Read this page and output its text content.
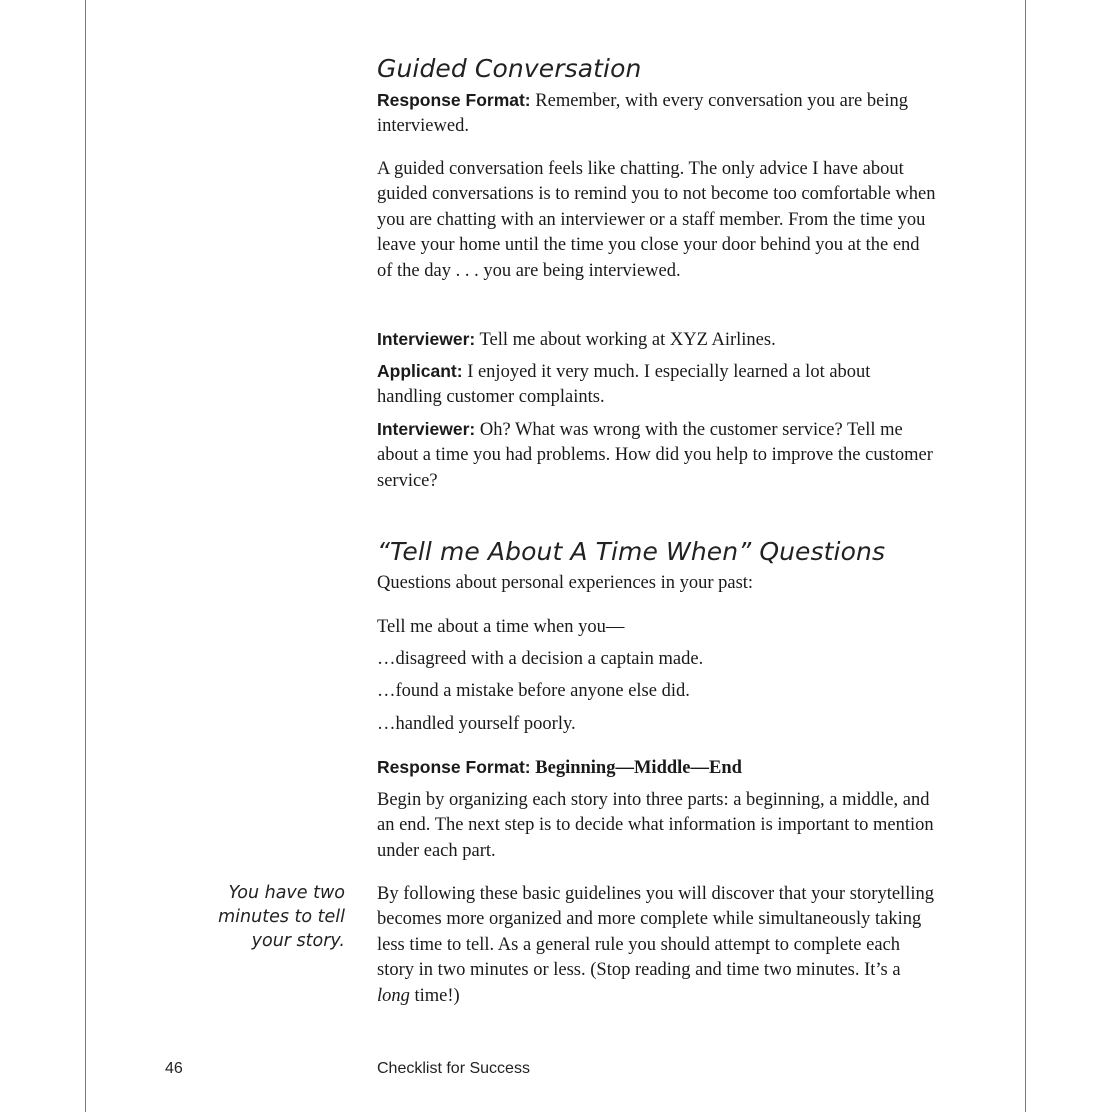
Guided Conversation

Response Format: Remember, with every conversation you are being interviewed.

A guided conversation feels like chatting. The only advice I have about guided conversations is to remind you to not become too comfortable when you are chatting with an interviewer or a staff member. From the time you leave your home until the time you close your door behind you at the end of the day . . . you are being interviewed.

Interviewer: Tell me about working at XYZ Airlines.

Applicant: I enjoyed it very much. I especially learned a lot about handling customer complaints.

Interviewer: Oh? What was wrong with the customer service? Tell me about a time you had problems. How did you help to improve the customer service?

“Tell me About A Time When” Questions
Questions about personal experiences in your past:
Tell me about a time when you—
…disagreed with a decision a captain made.
…found a mistake before anyone else did.
…handled yourself poorly.

Response Format: Beginning—Middle—End

Begin by organizing each story into three parts: a beginning, a middle, and an end. The next step is to decide what information is important to mention under each part.
You have two
minutes to tell
your story.

By following these basic guidelines you will discover that your storytelling becomes more organized and more complete while simultaneously taking less time to tell. As a general rule you should attempt to complete each story in two minutes or less. (Stop reading and time two minutes. It’s a long time!)

46	Checklist for Success
